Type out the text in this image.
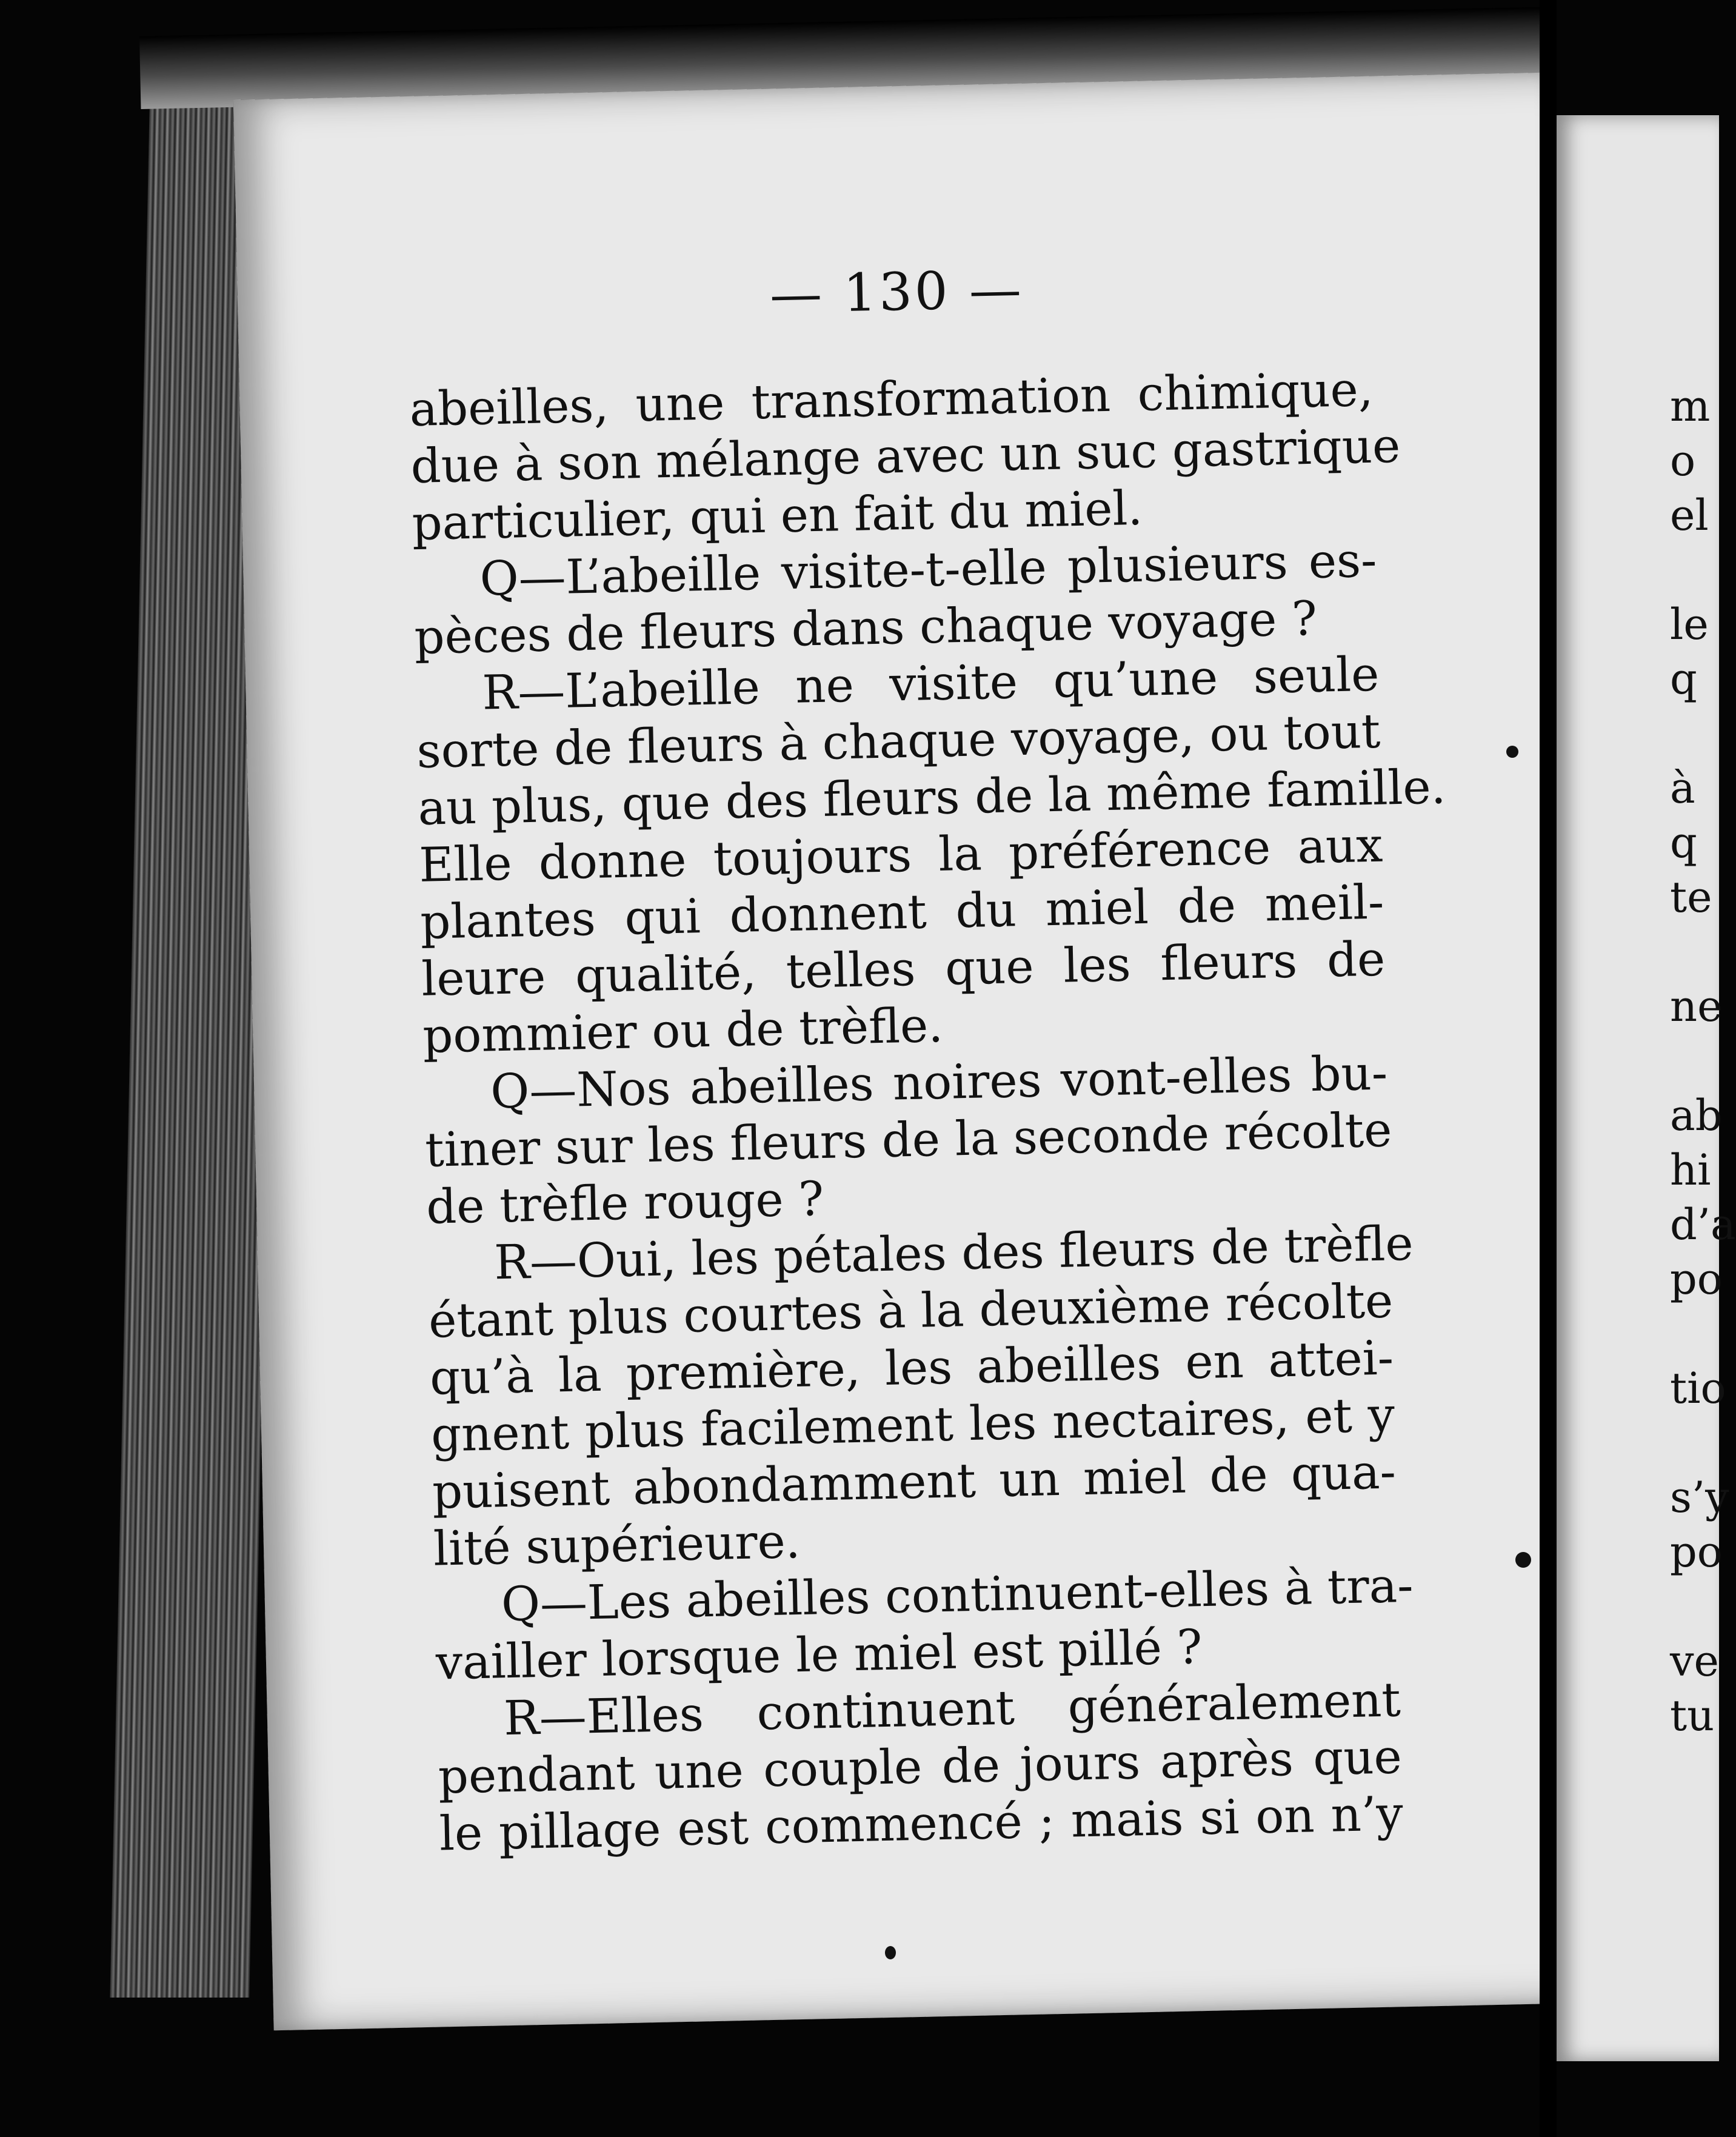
— 130 —
abeilles, une transformation chimique,
due à son mélange avec un suc gastrique
particulier, qui en fait du miel.
Q—L’abeille visite-t-elle plusieurs es-
pèces de fleurs dans chaque voyage ?
R—L’abeille ne visite qu’une seule
sorte de fleurs à chaque voyage, ou tout
au plus, que des fleurs de la même famille.
Elle donne toujours la préférence aux
plantes qui donnent du miel de meil-
leure qualité, telles que les fleurs de
pommier ou de trèfle.
Q—Nos abeilles noires vont-elles bu-
tiner sur les fleurs de la seconde récolte
de trèfle rouge ?
R—Oui, les pétales des fleurs de trèfle
étant plus courtes à la deuxième récolte
qu’à la première, les abeilles en attei-
gnent plus facilement les nectaires, et y
puisent abondamment un miel de qua-
lité supérieure.
Q—Les abeilles continuent-elles à tra-
vailler lorsque le miel est pillé ?
R—Elles continuent généralement
pendant une couple de jours après que
le pillage est commencé ; mais si on n’y
m
o
el
le
q
à
q
te
ne
ab
hi
d’a
po
tio
s’y
po
ve
tu
